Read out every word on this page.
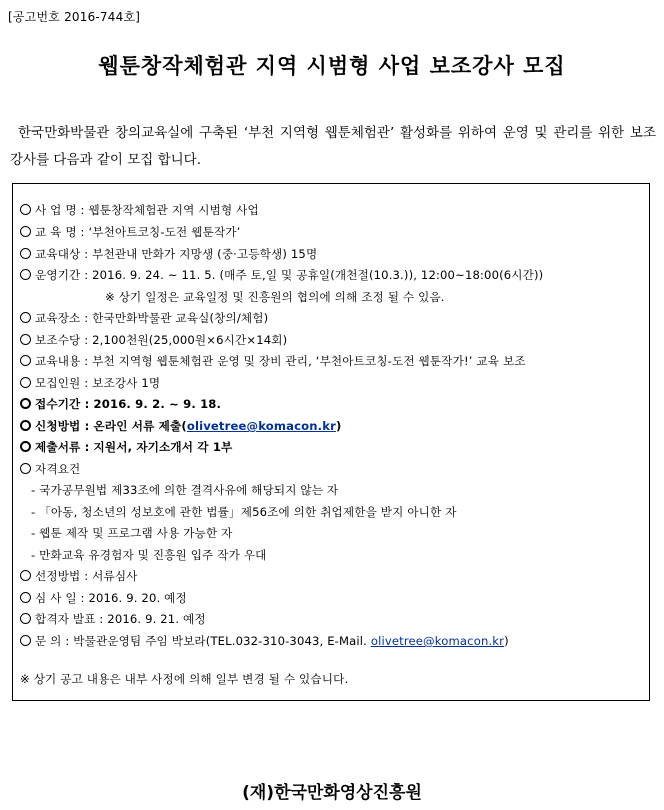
[공고번호 2016-744호]
웹툰창작체험관 지역 시범형 사업 보조강사 모집
한국만화박물관 창의교육실에 구축된 ‘부천 지역형 웹툰체험관’ 활성화를 위하여 운영 및 관리를 위한 보조 강사를 다음과 같이 모집 합니다.
사 업 명 : 웹툰창작체험관 지역 시범형 사업
교 육 명 : ‘부천아트코칭-도전 웹툰작가’
교육대상 : 부천관내 만화가 지망생 (중·고등학생) 15명
운영기간 : 2016. 9. 24. ~ 11. 5. (매주 토,일 및 공휴일(개천절(10.3.)), 12:00~18:00(6시간))
※ 상기 일정은 교육일정 및 진흥원의 협의에 의해 조정 될 수 있음.
교육장소 : 한국만화박물관 교육실(창의/체험)
보조수당 : 2,100천원(25,000원×6시간×14회)
교육내용 : 부천 지역형 웹툰체험관 운영 및 장비 관리, ‘부천아트코칭-도전 웹툰작가!’ 교육 보조
모집인원 : 보조강사 1명
접수기간 : 2016. 9. 2. ~ 9. 18.
신청방법 : 온라인 서류 제출(olivetree@komacon.kr)
제출서류 : 지원서, 자기소개서 각 1부
자격요건
- 국가공무원법 제33조에 의한 결격사유에 해당되지 않는 자
- 「아동, 청소년의 성보호에 관한 법률」제56조에 의한 취업제한을 받지 아니한 자
- 웹툰 제작 및 프로그램 사용 가능한 자
- 만화교육 유경험자 및 진흥원 입주 작가 우대
선정방법 : 서류심사
심 사 일 : 2016. 9. 20. 예정
합격자 발표 : 2016. 9. 21. 예정
문 의 : 박물관운영팀 주임 박보라(TEL.032-310-3043, E-Mail. olivetree@komacon.kr)
※ 상기 공고 내용은 내부 사정에 의해 일부 변경 될 수 있습니다.
(재)한국만화영상진흥원
